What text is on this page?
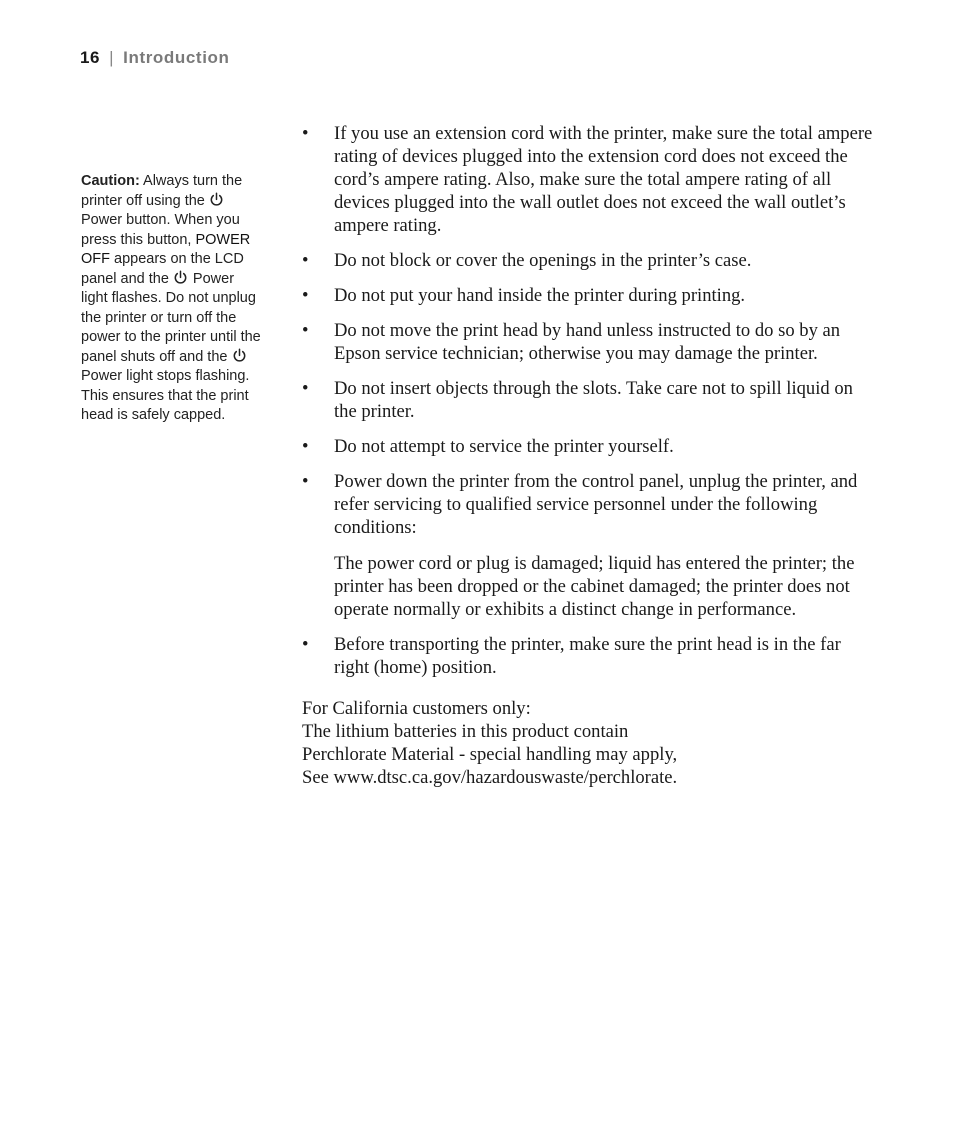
16 | Introduction
Caution: Always turn the printer off using the
Power button. When you press this button, POWER OFF appears on the LCD panel and the
Power light flashes. Do not unplug the printer or turn off the power to the printer until the panel shuts off and the
Power light stops flashing. This ensures that the print head is safely capped.
• If you use an extension cord with the printer, make sure the total ampere rating of devices plugged into the extension cord does not exceed the cord’s ampere rating. Also, make sure the total ampere rating of all devices plugged into the wall outlet does not exceed the wall outlet’s ampere rating.

• Do not block or cover the openings in the printer’s case.

• Do not put your hand inside the printer during printing.

• Do not move the print head by hand unless instructed to do so by an Epson service technician; otherwise you may damage the printer.

• Do not insert objects through the slots. Take care not to spill liquid on the printer.

• Do not attempt to service the printer yourself.

• Power down the printer from the control panel, unplug the printer, and refer servicing to qualified service personnel under the following conditions:

The power cord or plug is damaged; liquid has entered the printer; the printer has been dropped or the cabinet damaged; the printer does not operate normally or exhibits a distinct change in performance.

• Before transporting the printer, make sure the print head is in the far right (home) position.

For California customers only:
The lithium batteries in this product contain
Perchlorate Material - special handling may apply,
See www.dtsc.ca.gov/hazardouswaste/perchlorate.
